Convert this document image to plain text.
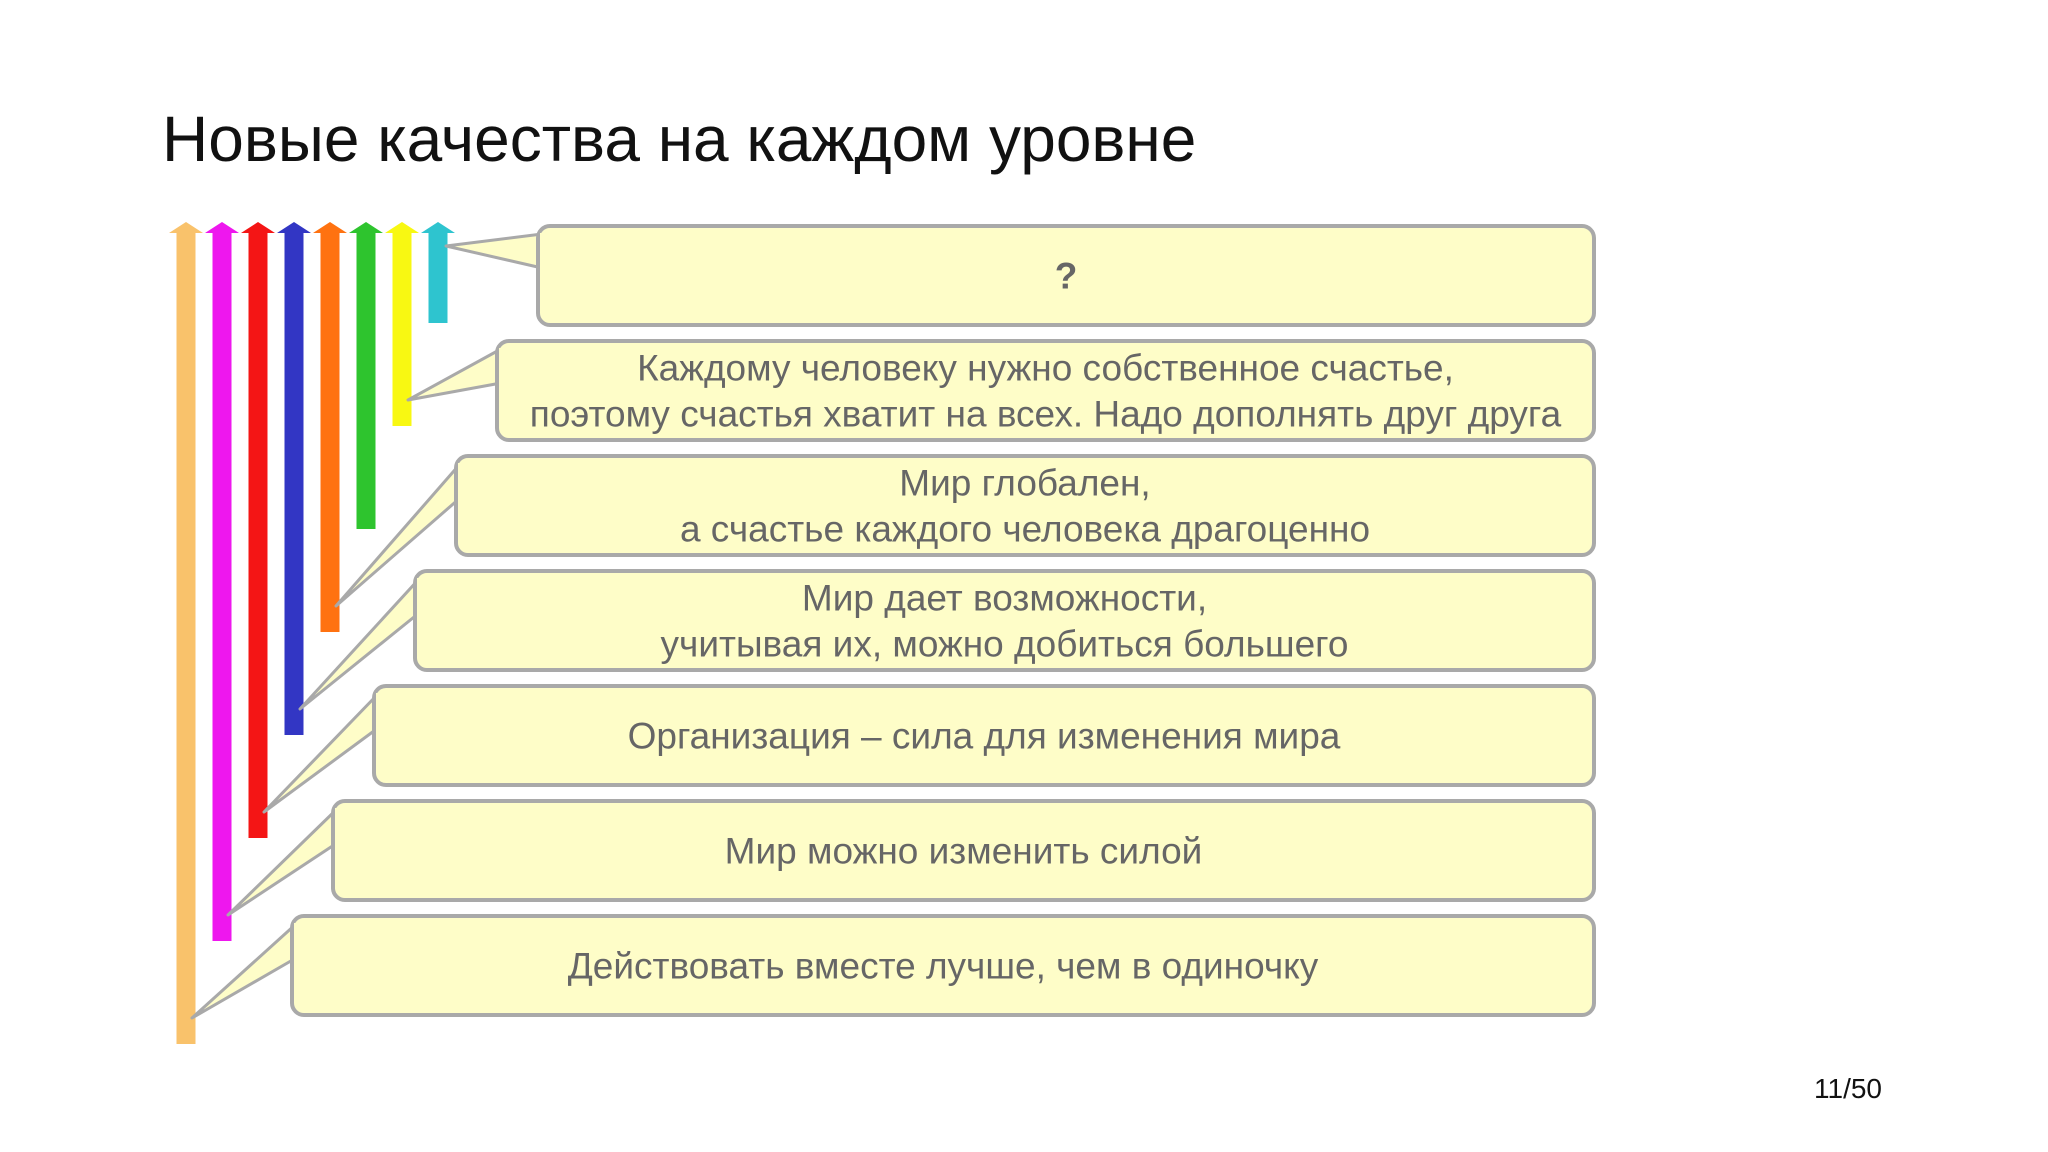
Действовать вместе лучше, чем в одиночку
Мир можно изменить силой
Организация – сила для изменения мира
Мир дает возможности,
учитывая их, можно добиться большего
Мир глобален,
а счастье каждого человека драгоценно
Каждому человеку нужно собственное счастье,
поэтому счастья хватит на всех. Надо дополнять друг друга
?
Новые качества на каждом уровне
11/50
